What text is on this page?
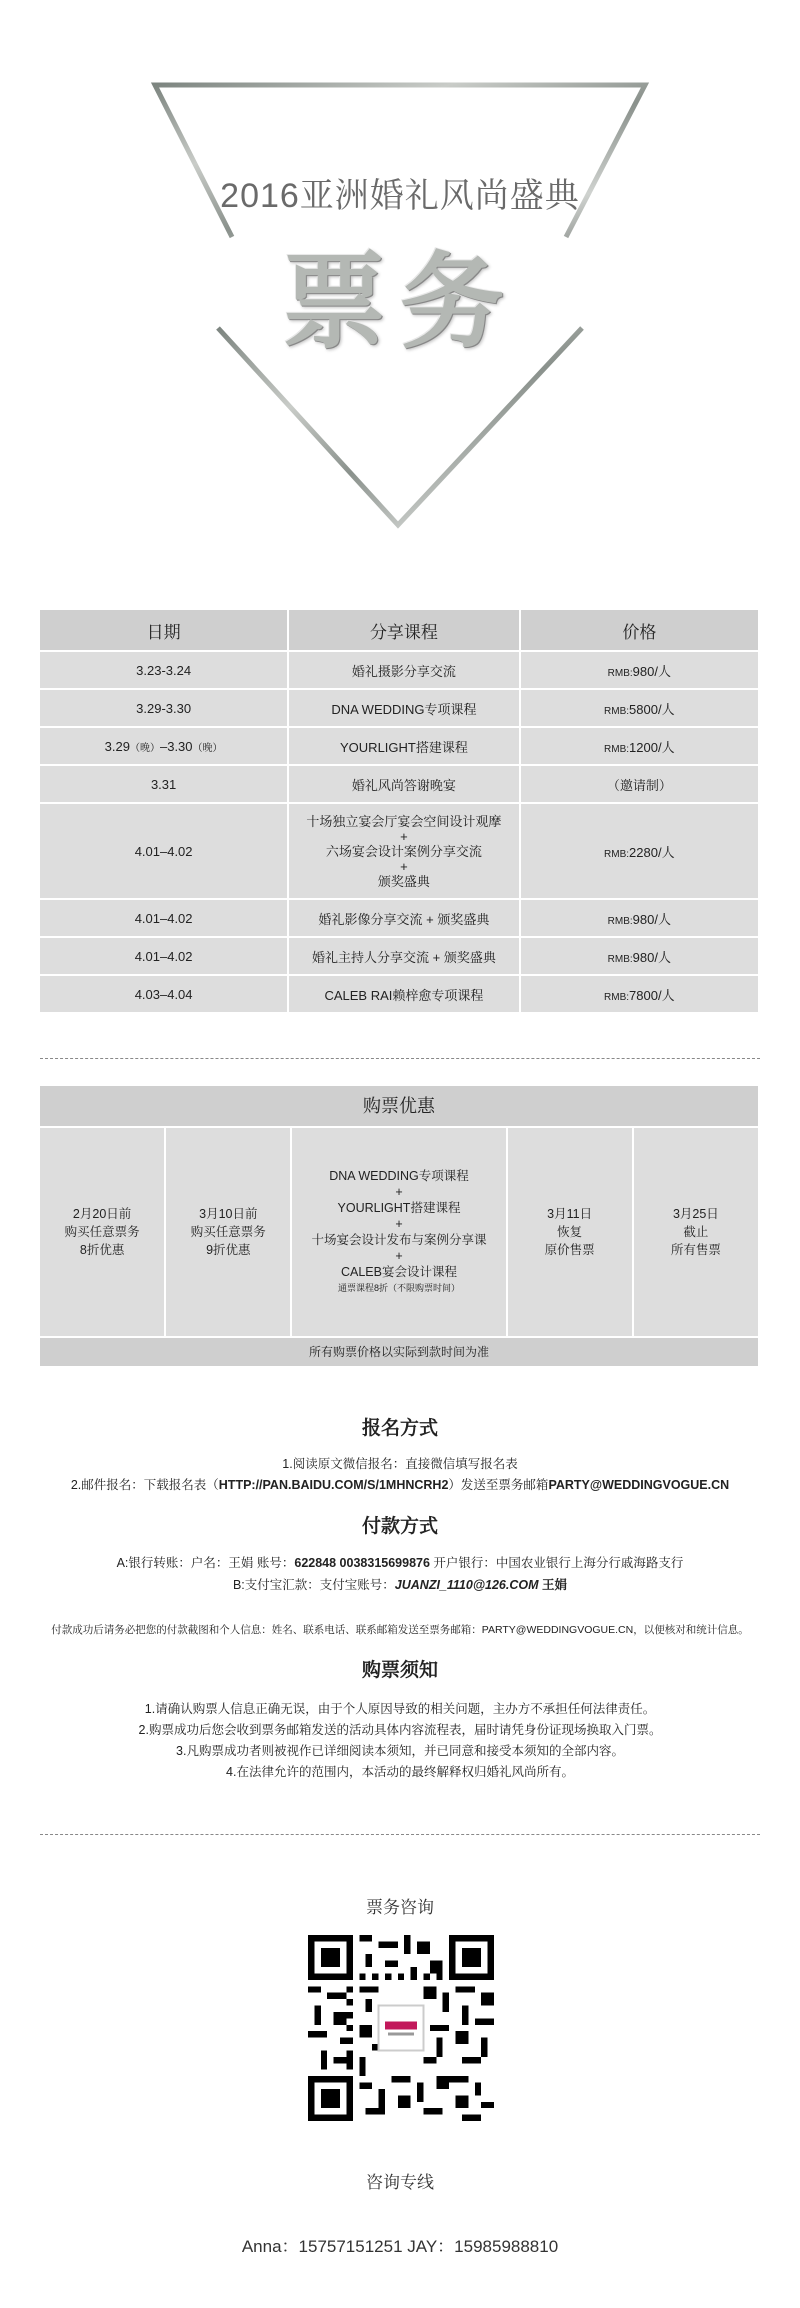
2016亚洲婚礼风尚盛典
票务
日期	分享课程	价格
3.23-3.24	婚礼摄影分享交流	RMB:980/人
3.29-3.30	DNA WEDDING专项课程	RMB:5800/人
3.29（晚）–3.30（晚）	YOURLIGHT搭建课程	RMB:1200/人
3.31	婚礼风尚答谢晚宴	（邀请制）
4.01–4.02	十场独立宴会厅宴会空间设计观摩
+
六场宴会设计案例分享交流
+
颁奖盛典	RMB:2280/人
4.01–4.02	婚礼影像分享交流 + 颁奖盛典	RMB:980/人
4.01–4.02	婚礼主持人分享交流 + 颁奖盛典	RMB:980/人
4.03–4.04	CALEB RAI赖梓愈专项课程	RMB:7800/人
购票优惠

2月20日前
购买任意票务
8折优惠

3月10日前
购买任意票务
9折优惠

DNA WEDDING专项课程
+
YOURLIGHT搭建课程
+
十场宴会设计发布与案例分享课
+
CALEB宴会设计课程
通票课程8折（不限购票时间）

3月11日
恢复
原价售票

3月25日
截止
所有售票

所有购票价格以实际到款时间为准
报名方式
1.阅读原文微信报名：直接微信填写报名表
2.邮件报名：下载报名表（HTTP://PAN.BAIDU.COM/S/1MHNCRH2）发送至票务邮箱PARTY@WEDDINGVOGUE.CN
付款方式
A:银行转账：户名：王娟 账号：622848 0038315699876 开户银行：中国农业银行上海分行戚海路支行
B:支付宝汇款：支付宝账号：JUANZI_1110@126.COM 王娟
付款成功后请务必把您的付款截图和个人信息：姓名、联系电话、联系邮箱发送至票务邮箱：PARTY@WEDDINGVOGUE.CN，以便核对和统计信息。
购票须知
1.请确认购票人信息正确无误，由于个人原因导致的相关问题，主办方不承担任何法律责任。
2.购票成功后您会收到票务邮箱发送的活动具体内容流程表，届时请凭身份证现场换取入门票。
3.凡购票成功者则被视作已详细阅读本须知，并已同意和接受本须知的全部内容。
4.在法律允许的范围内，本活动的最终解释权归婚礼风尚所有。
票务咨询
咨询专线
Anna：15757151251 JAY：15985988810
